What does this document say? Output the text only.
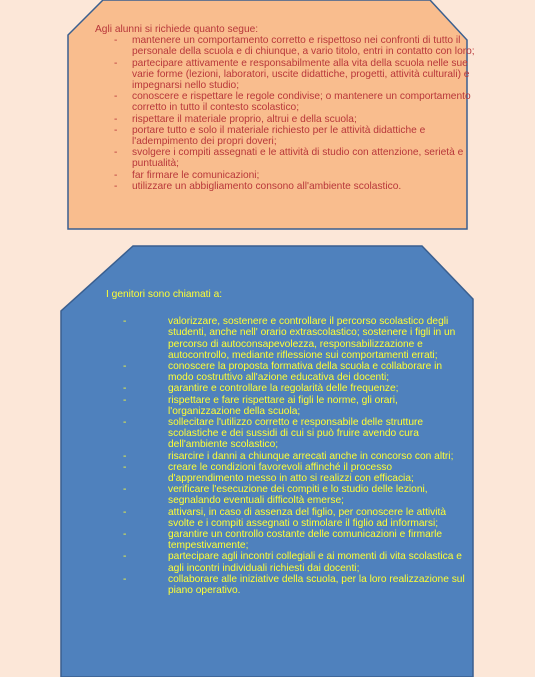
Agli alunni si richiede quanto segue:
- mantenere un comportamento corretto e rispettoso nei confronti di tutto il personale della scuola e di chiunque, a vario titolo, entri in contatto con loro;
- partecipare attivamente e responsabilmente alla vita della scuola nelle sue varie forme (lezioni, laboratori, uscite didattiche, progetti, attività culturali) e impegnarsi nello studio;
- conoscere e rispettare le regole condivise; o mantenere un comportamento corretto in tutto il contesto scolastico;
- rispettare il materiale proprio, altrui e della scuola;
- portare tutto e solo il materiale richiesto per le attività didattiche e l'adempimento dei propri doveri;
- svolgere i compiti assegnati e le attività di studio con attenzione, serietà e puntualità;
- far firmare le comunicazioni;
- utilizzare un abbigliamento consono all'ambiente scolastico.
I genitori sono chiamati a:
-	valorizzare, sostenere e controllare il percorso scolastico degli studenti, anche nell' orario extrascolastico; sostenere i figli in un percorso di autoconsapevolezza, responsabilizzazione e autocontrollo, mediante riflessione sui comportamenti errati;
-	conoscere la proposta formativa della scuola e collaborare in modo costruttivo all'azione educativa dei docenti;
-	garantire e controllare la regolarità delle frequenze;
-	rispettare e fare rispettare ai figli le norme, gli orari, l'organizzazione della scuola;
-	sollecitare l'utilizzo corretto e responsabile delle strutture scolastiche e dei sussidi di cui si può fruire avendo cura dell'ambiente scolastico;
-	risarcire i danni a chiunque arrecati anche in concorso con altri;
-	creare le condizioni favorevoli affinché il processo d'apprendimento messo in atto si realizzi con efficacia;
-	verificare l'esecuzione dei compiti e lo studio delle lezioni, segnalando eventuali difficoltà emerse;
-	attivarsi, in caso di assenza del figlio, per conoscere le attività svolte e i compiti assegnati o stimolare il figlio ad informarsi;
-	garantire un controllo costante delle comunicazioni e firmarle tempestivamente;
-	partecipare agli incontri collegiali e ai momenti di vita scolastica e agli incontri individuali richiesti dai docenti;
-	collaborare alle iniziative della scuola, per la loro realizzazione sul piano operativo.
